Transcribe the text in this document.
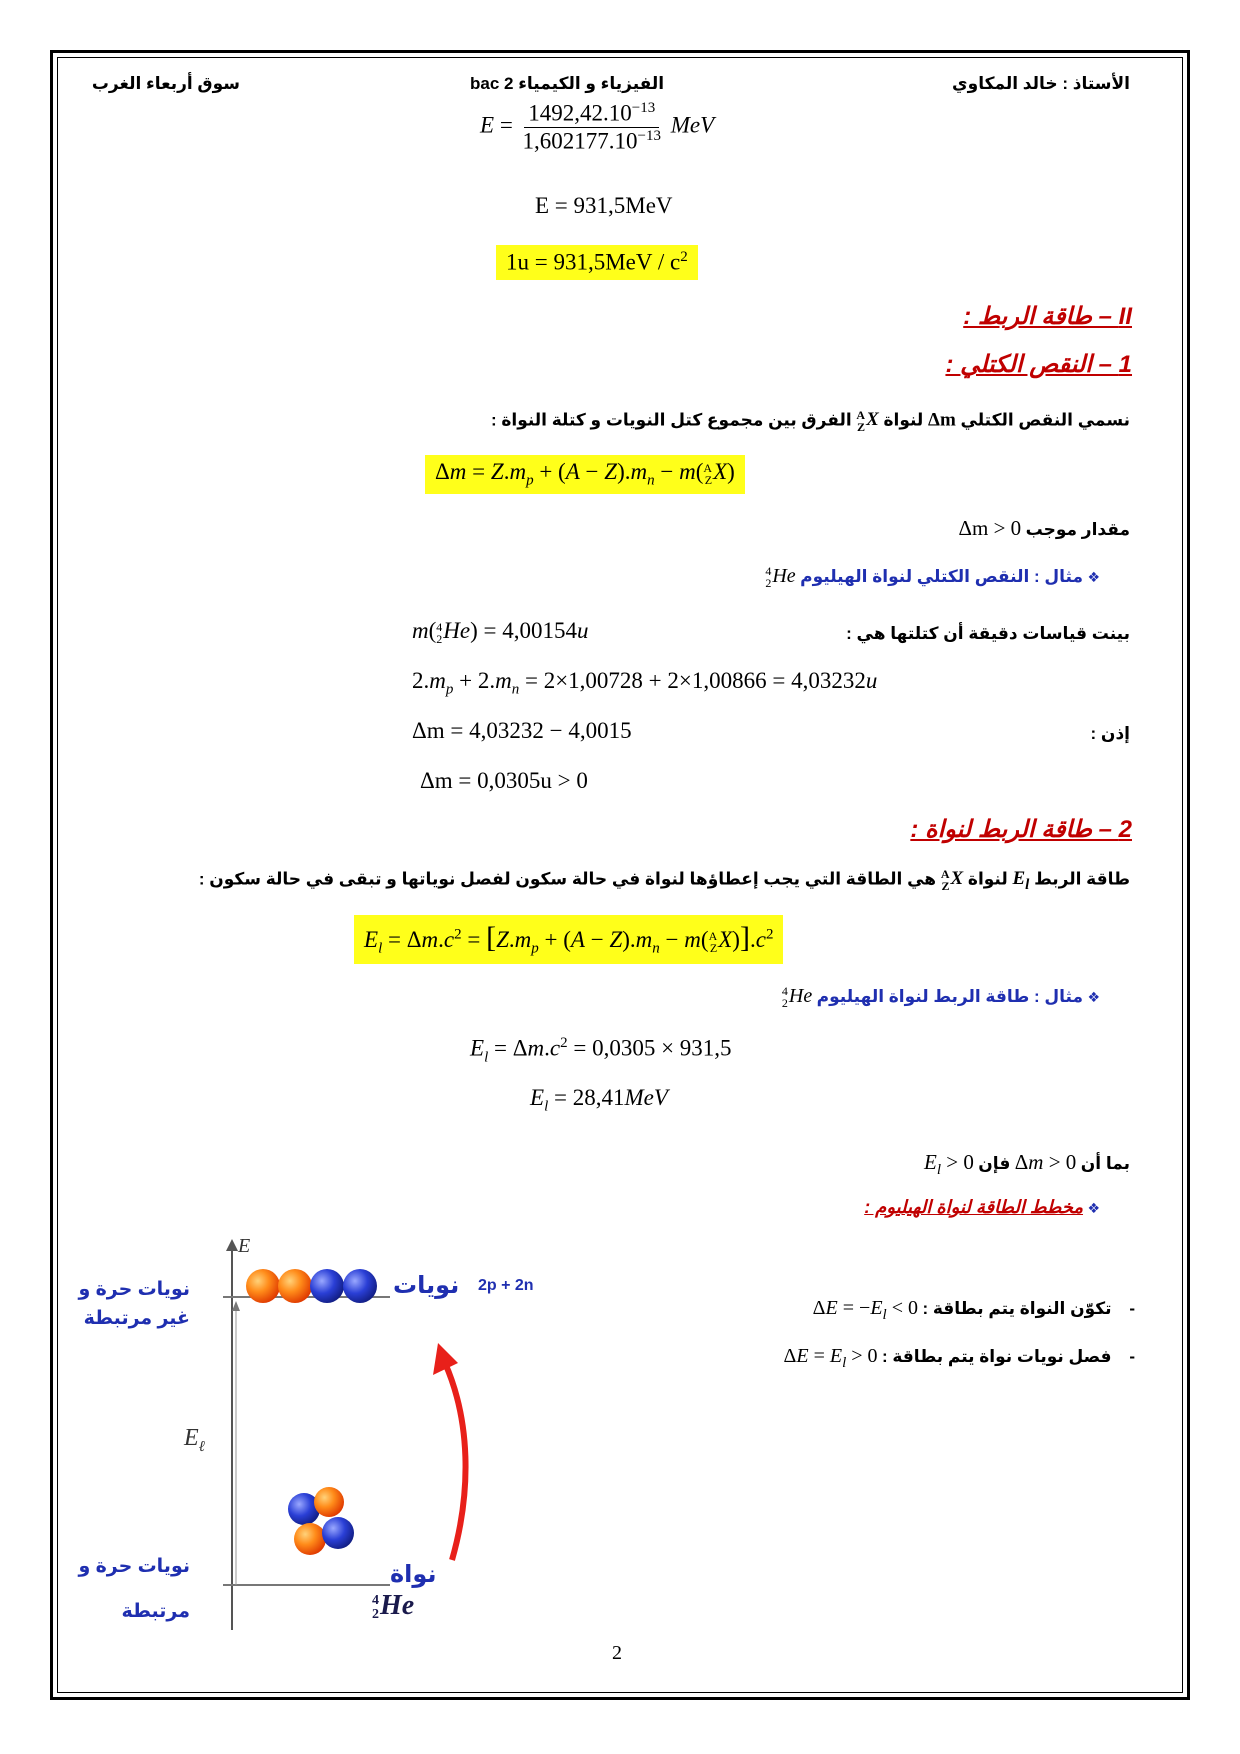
الأستاذ : خالد المكاوي
الفيزياء و الكيمياء 2 bac
سوق أربعاء الغرب
$E = \frac{1492,42.10^{-13}}{1,602177.10^{-13}}$ MeV
E = 931,5MeV
$1u = 931,5MeV / c^2$
II – طاقة الربط :
1 – النقص الكتلي :
نسمي النقص الكتلي Δm لنواة
A
Z X الفرق بين مجموع كتل النويات و كتلة النواة :
$\Delta m = Z.m_p + (A - Z).m_n - m$( A
Z X)
مقدار موجب Δm > 0
❖ مثال : النقص الكتلي لنواة الهيليوم
4
2 He
بينت قياسات دقيقة أن كتلتها هي :
m( 4
2 He) = 4,00154u
$2.m_p + 2.m_n = 2\times 1,00728 + 2\times 1,00866 = 4,03232u$
إذن :
Δm = 4,03232 − 4,0015
Δm = 0,0305u > 0
2 – طاقة الربط لنواة :
طاقة الربط $E_l$ لنواة
A
Z X هي الطاقة التي يجب إعطاؤها لنواة في حالة سكون لفصل نوياتها و تبقى في حالة سكون :
$E_l = \Delta m.c^2 = [Z.m_p + (A - Z).m_n - m$( A
Z $X)].c^2$
❖ مثال : طاقة الربط لنواة الهيليوم
4
2 He
$E_l = \Delta m.c^2 = 0,0305 \times 931,5$
$E_l = 28,41MeV$
بما أن Δm > 0 فإن $E_l > 0$
❖ مخطط الطاقة لنواة الهيليوم :
-    تكوّن النواة يتم بطاقة : $\Delta E = -E_l < 0$
-    فصل نويات نواة يتم بطاقة : $\Delta E = E_l > 0$
E
$E_\ell$
نويات 2p + 2n
نواة
4
2 He
نويات حرة و
غير مرتبطة
نويات حرة و
مرتبطة
2
